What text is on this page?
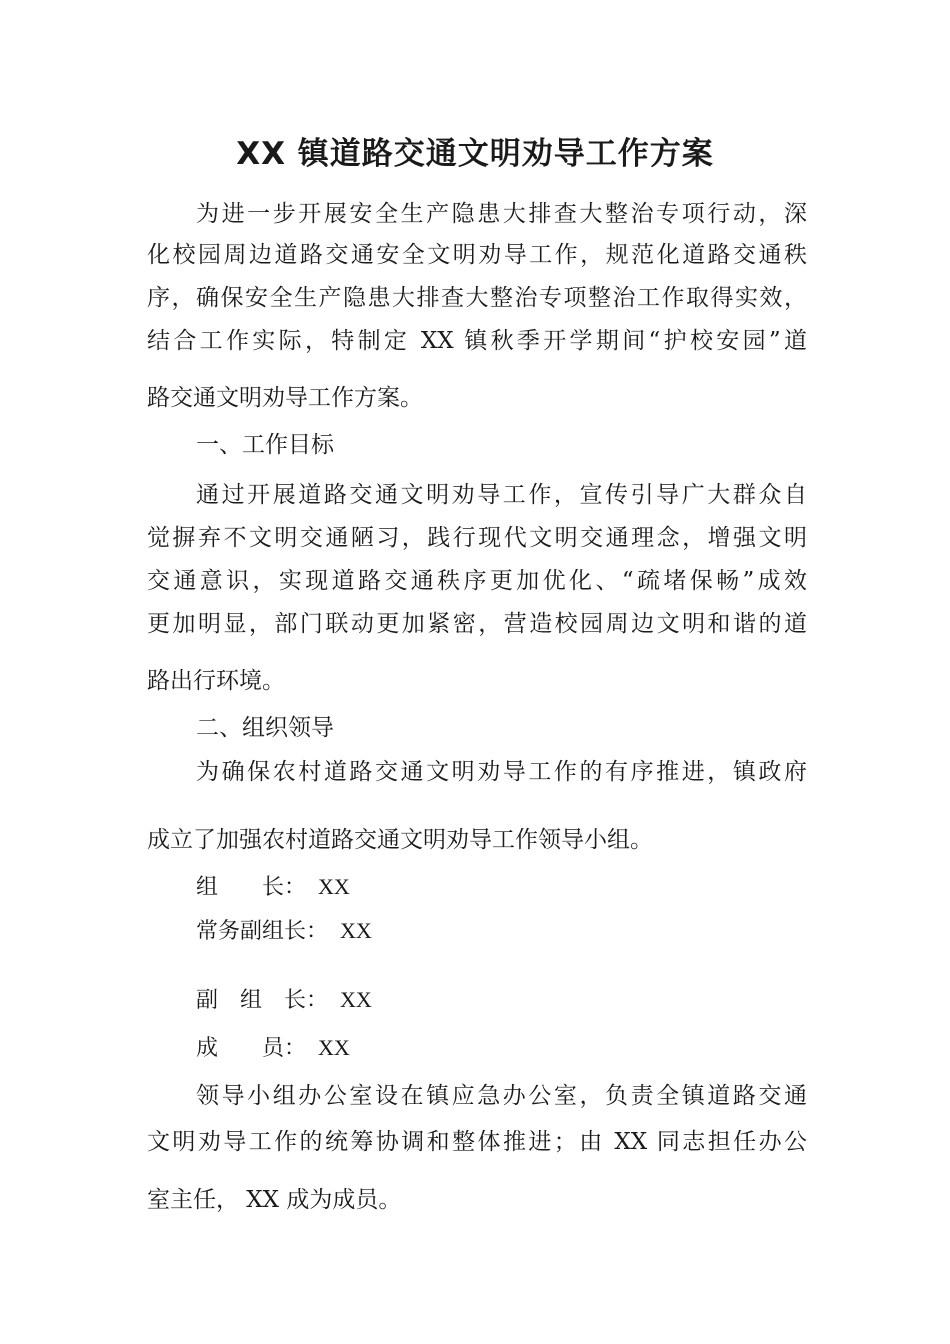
XX 镇道路交通文明劝导工作方案
为进一步开展安全生产隐患大排查大整治专项行动，深
化校园周边道路交通安全文明劝导工作，规范化道路交通秩
序，确保安全生产隐患大排查大整治专项整治工作取得实效，
结合工作实际，特制定 XX 镇秋季开学期间“护校安园”道
路交通文明劝导工作方案。
一、工作目标
通过开展道路交通文明劝导工作，宣传引导广大群众自
觉摒弃不文明交通陋习，践行现代文明交通理念，增强文明
交通意识，实现道路交通秩序更加优化、“疏堵保畅”成效
更加明显，部门联动更加紧密，营造校园周边文明和谐的道
路出行环境。
二、组织领导
为确保农村道路交通文明劝导工作的有序推进，镇政府
成立了加强农村道路交通文明劝导工作领导小组。
组　　长： XX
常务副组长： XX
副　组　长： XX
成　　员： XX
领导小组办公室设在镇应急办公室，负责全镇道路交通
文明劝导工作的统筹协调和整体推进；由 XX 同志担任办公
室主任， XX 成为成员。
